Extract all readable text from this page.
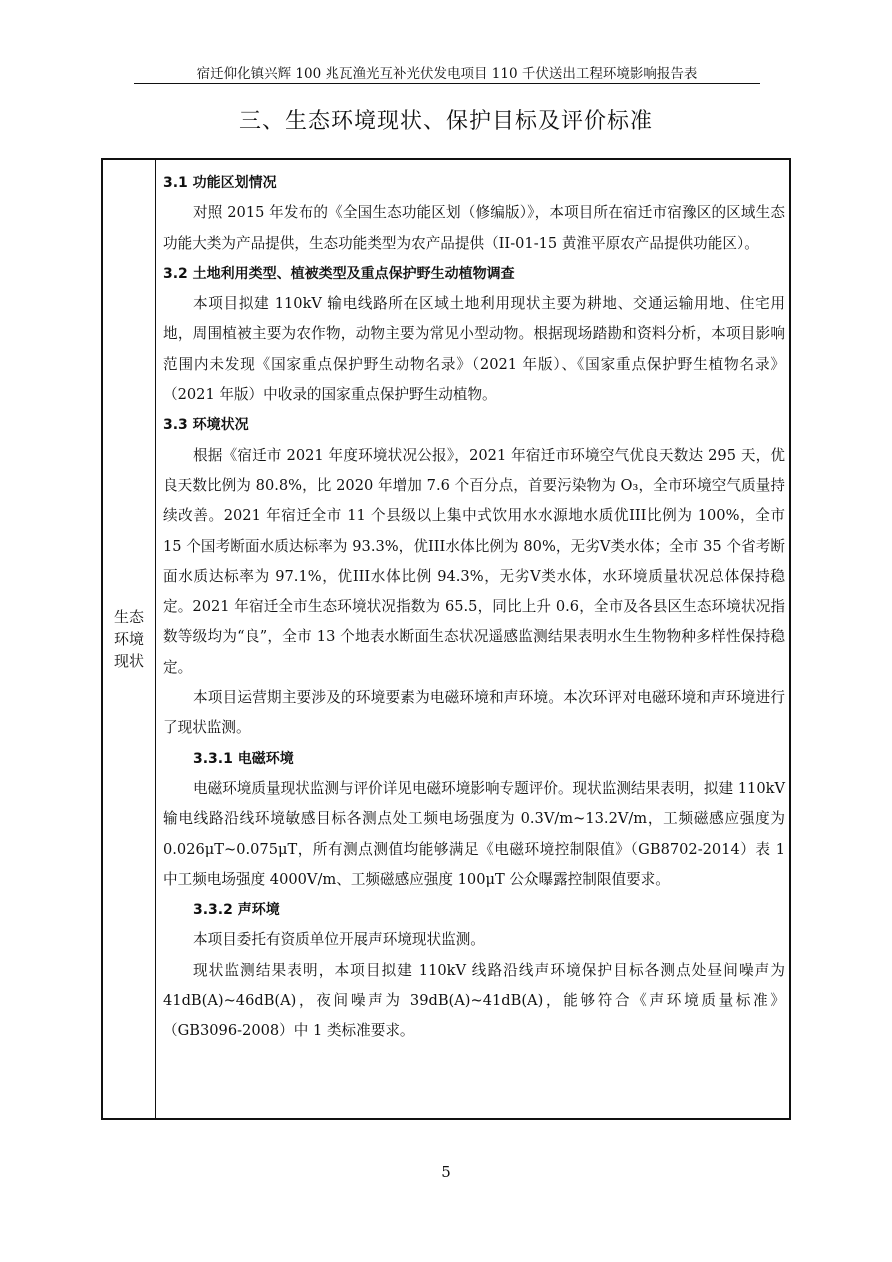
宿迁仰化镇兴辉 100 兆瓦渔光互补光伏发电项目 110 千伏送出工程环境影响报告表
三、生态环境现状、保护目标及评价标准
生态环境现状

3.1 功能区划情况

对照 2015 年发布的《全国生态功能区划（修编版）》，本项目所在宿迁市宿豫区的区域生态功能大类为产品提供，生态功能类型为农产品提供（II-01-15 黄淮平原农产品提供功能区）。

3.2 土地利用类型、植被类型及重点保护野生动植物调查

本项目拟建 110kV 输电线路所在区域土地利用现状主要为耕地、交通运输用地、住宅用地，周围植被主要为农作物，动物主要为常见小型动物。根据现场踏勘和资料分析，本项目影响范围内未发现《国家重点保护野生动物名录》（2021 年版）、《国家重点保护野生植物名录》（2021 年版）中收录的国家重点保护野生动植物。

3.3 环境状况

根据《宿迁市 2021 年度环境状况公报》，2021 年宿迁市环境空气优良天数达 295 天，优良天数比例为 80.8%，比 2020 年增加 7.6 个百分点，首要污染物为 O₃，全市环境空气质量持续改善。2021 年宿迁全市 11 个县级以上集中式饮用水水源地水质优III比例为 100%，全市 15 个国考断面水质达标率为 93.3%，优III水体比例为 80%，无劣V类水体；全市 35 个省考断面水质达标率为 97.1%，优III水体比例 94.3%，无劣V类水体，水环境质量状况总体保持稳定。2021 年宿迁全市生态环境状况指数为 65.5，同比上升 0.6，全市及各县区生态环境状况指数等级均为“良”，全市 13 个地表水断面生态状况遥感监测结果表明水生生物物种多样性保持稳定。

本项目运营期主要涉及的环境要素为电磁环境和声环境。本次环评对电磁环境和声环境进行了现状监测。

3.3.1 电磁环境

电磁环境质量现状监测与评价详见电磁环境影响专题评价。现状监测结果表明，拟建 110kV 输电线路沿线环境敏感目标各测点处工频电场强度为 0.3V/m~13.2V/m，工频磁感应强度为 0.026μT~0.075μT，所有测点测值均能够满足《电磁环境控制限值》（GB8702-2014）表 1 中工频电场强度 4000V/m、工频磁感应强度 100μT 公众曝露控制限值要求。

3.3.2 声环境

本项目委托有资质单位开展声环境现状监测。

现状监测结果表明，本项目拟建 110kV 线路沿线声环境保护目标各测点处昼间噪声为 41dB(A)~46dB(A)，夜间噪声为 39dB(A)~41dB(A)，能够符合《声环境质量标准》（GB3096-2008）中 1 类标准要求。

5
